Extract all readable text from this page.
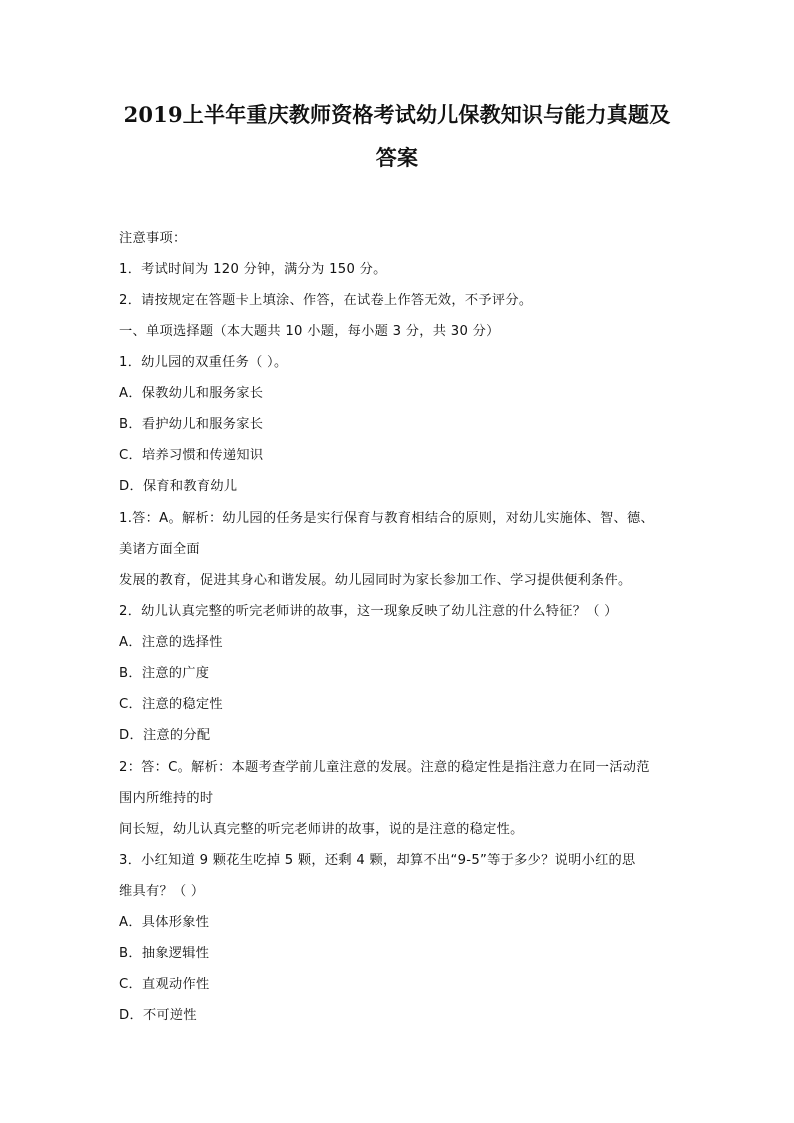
2019上半年重庆教师资格考试幼儿保教知识与能力真题及
答案

注意事项：

1．考试时间为 120 分钟，满分为 150 分。

2．请按规定在答题卡上填涂、作答，在试卷上作答无效，不予评分。

一、单项选择题（本大题共 10 小题，每小题 3 分，共 30 分）

1．幼儿园的双重任务（ ）。

A．保教幼儿和服务家长

B．看护幼儿和服务家长

C．培养习惯和传递知识

D．保育和教育幼儿

1.答：A。解析：幼儿园的任务是实行保育与教育相结合的原则，对幼儿实施体、智、德、

美诸方面全面

发展的教育，促进其身心和谐发展。幼儿园同时为家长参加工作、学习提供便利条件。

2．幼儿认真完整的听完老师讲的故事，这一现象反映了幼儿注意的什么特征？（ ）

A．注意的选择性

B．注意的广度

C．注意的稳定性

D．注意的分配

2：答：C。解析：本题考查学前儿童注意的发展。注意的稳定性是指注意力在同一活动范

围内所维持的时

间长短，幼儿认真完整的听完老师讲的故事，说的是注意的稳定性。

3．小红知道 9 颗花生吃掉 5 颗，还剩 4 颗，却算不出“9-5”等于多少？说明小红的思

维具有？（ ）

A．具体形象性

B．抽象逻辑性

C．直观动作性

D．不可逆性
